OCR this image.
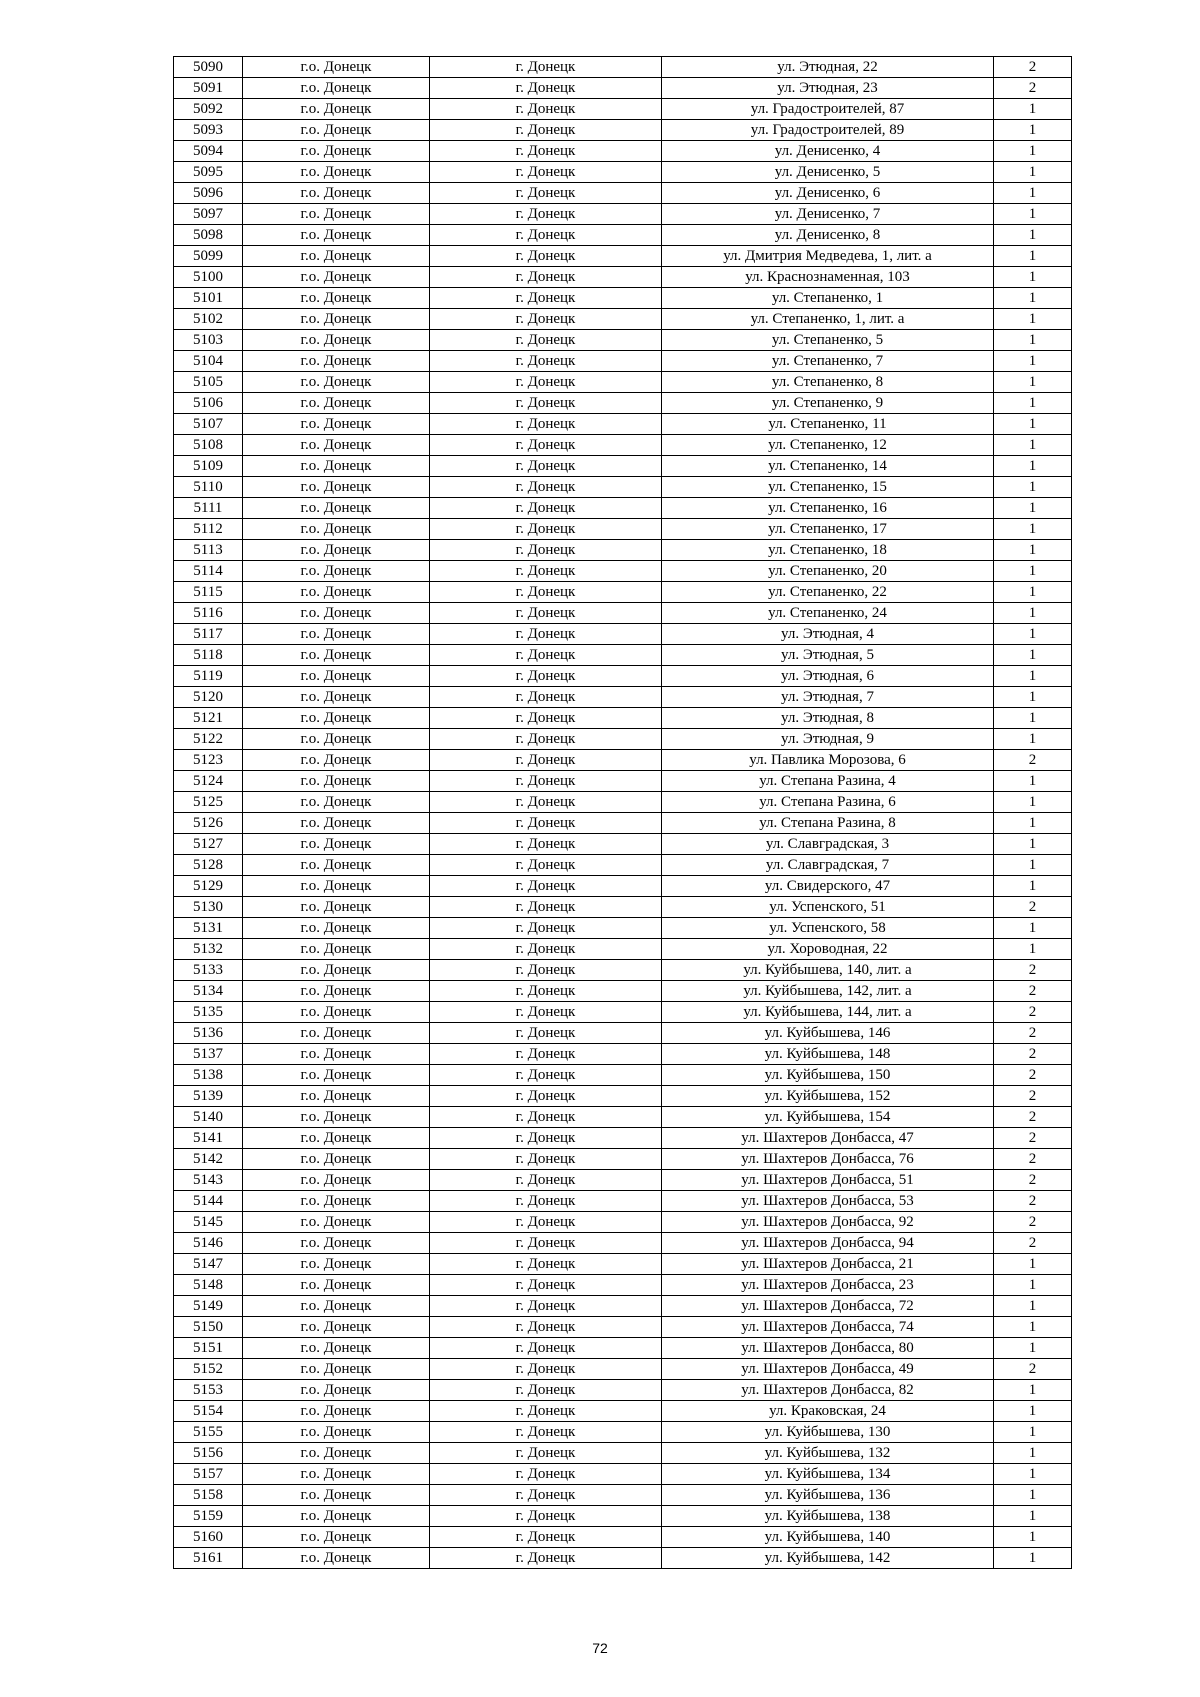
5090	г.о. Донецк	г. Донецк	ул. Этюдная, 22	2
5091	г.о. Донецк	г. Донецк	ул. Этюдная, 23	2
5092	г.о. Донецк	г. Донецк	ул. Градостроителей, 87	1
5093	г.о. Донецк	г. Донецк	ул. Градостроителей, 89	1
5094	г.о. Донецк	г. Донецк	ул. Денисенко, 4	1
5095	г.о. Донецк	г. Донецк	ул. Денисенко, 5	1
5096	г.о. Донецк	г. Донецк	ул. Денисенко, 6	1
5097	г.о. Донецк	г. Донецк	ул. Денисенко, 7	1
5098	г.о. Донецк	г. Донецк	ул. Денисенко, 8	1
5099	г.о. Донецк	г. Донецк	ул. Дмитрия Медведева, 1, лит. а	1
5100	г.о. Донецк	г. Донецк	ул. Краснознаменная, 103	1
5101	г.о. Донецк	г. Донецк	ул. Степаненко, 1	1
5102	г.о. Донецк	г. Донецк	ул. Степаненко, 1, лит. а	1
5103	г.о. Донецк	г. Донецк	ул. Степаненко, 5	1
5104	г.о. Донецк	г. Донецк	ул. Степаненко, 7	1
5105	г.о. Донецк	г. Донецк	ул. Степаненко, 8	1
5106	г.о. Донецк	г. Донецк	ул. Степаненко, 9	1
5107	г.о. Донецк	г. Донецк	ул. Степаненко, 11	1
5108	г.о. Донецк	г. Донецк	ул. Степаненко, 12	1
5109	г.о. Донецк	г. Донецк	ул. Степаненко, 14	1
5110	г.о. Донецк	г. Донецк	ул. Степаненко, 15	1
5111	г.о. Донецк	г. Донецк	ул. Степаненко, 16	1
5112	г.о. Донецк	г. Донецк	ул. Степаненко, 17	1
5113	г.о. Донецк	г. Донецк	ул. Степаненко, 18	1
5114	г.о. Донецк	г. Донецк	ул. Степаненко, 20	1
5115	г.о. Донецк	г. Донецк	ул. Степаненко, 22	1
5116	г.о. Донецк	г. Донецк	ул. Степаненко, 24	1
5117	г.о. Донецк	г. Донецк	ул. Этюдная, 4	1
5118	г.о. Донецк	г. Донецк	ул. Этюдная, 5	1
5119	г.о. Донецк	г. Донецк	ул. Этюдная, 6	1
5120	г.о. Донецк	г. Донецк	ул. Этюдная, 7	1
5121	г.о. Донецк	г. Донецк	ул. Этюдная, 8	1
5122	г.о. Донецк	г. Донецк	ул. Этюдная, 9	1
5123	г.о. Донецк	г. Донецк	ул. Павлика Морозова, 6	2
5124	г.о. Донецк	г. Донецк	ул. Степана Разина, 4	1
5125	г.о. Донецк	г. Донецк	ул. Степана Разина, 6	1
5126	г.о. Донецк	г. Донецк	ул. Степана Разина, 8	1
5127	г.о. Донецк	г. Донецк	ул. Славградская, 3	1
5128	г.о. Донецк	г. Донецк	ул. Славградская, 7	1
5129	г.о. Донецк	г. Донецк	ул. Свидерского, 47	1
5130	г.о. Донецк	г. Донецк	ул. Успенского, 51	2
5131	г.о. Донецк	г. Донецк	ул. Успенского, 58	1
5132	г.о. Донецк	г. Донецк	ул. Хороводная, 22	1
5133	г.о. Донецк	г. Донецк	ул. Куйбышева, 140, лит. а	2
5134	г.о. Донецк	г. Донецк	ул. Куйбышева, 142, лит. а	2
5135	г.о. Донецк	г. Донецк	ул. Куйбышева, 144, лит. а	2
5136	г.о. Донецк	г. Донецк	ул. Куйбышева, 146	2
5137	г.о. Донецк	г. Донецк	ул. Куйбышева, 148	2
5138	г.о. Донецк	г. Донецк	ул. Куйбышева, 150	2
5139	г.о. Донецк	г. Донецк	ул. Куйбышева, 152	2
5140	г.о. Донецк	г. Донецк	ул. Куйбышева, 154	2
5141	г.о. Донецк	г. Донецк	ул. Шахтеров Донбасса, 47	2
5142	г.о. Донецк	г. Донецк	ул. Шахтеров Донбасса, 76	2
5143	г.о. Донецк	г. Донецк	ул. Шахтеров Донбасса, 51	2
5144	г.о. Донецк	г. Донецк	ул. Шахтеров Донбасса, 53	2
5145	г.о. Донецк	г. Донецк	ул. Шахтеров Донбасса, 92	2
5146	г.о. Донецк	г. Донецк	ул. Шахтеров Донбасса, 94	2
5147	г.о. Донецк	г. Донецк	ул. Шахтеров Донбасса, 21	1
5148	г.о. Донецк	г. Донецк	ул. Шахтеров Донбасса, 23	1
5149	г.о. Донецк	г. Донецк	ул. Шахтеров Донбасса, 72	1
5150	г.о. Донецк	г. Донецк	ул. Шахтеров Донбасса, 74	1
5151	г.о. Донецк	г. Донецк	ул. Шахтеров Донбасса, 80	1
5152	г.о. Донецк	г. Донецк	ул. Шахтеров Донбасса, 49	2
5153	г.о. Донецк	г. Донецк	ул. Шахтеров Донбасса, 82	1
5154	г.о. Донецк	г. Донецк	ул. Краковская, 24	1
5155	г.о. Донецк	г. Донецк	ул. Куйбышева, 130	1
5156	г.о. Донецк	г. Донецк	ул. Куйбышева, 132	1
5157	г.о. Донецк	г. Донецк	ул. Куйбышева, 134	1
5158	г.о. Донецк	г. Донецк	ул. Куйбышева, 136	1
5159	г.о. Донецк	г. Донецк	ул. Куйбышева, 138	1
5160	г.о. Донецк	г. Донецк	ул. Куйбышева, 140	1
5161	г.о. Донецк	г. Донецк	ул. Куйбышева, 142	1
72
